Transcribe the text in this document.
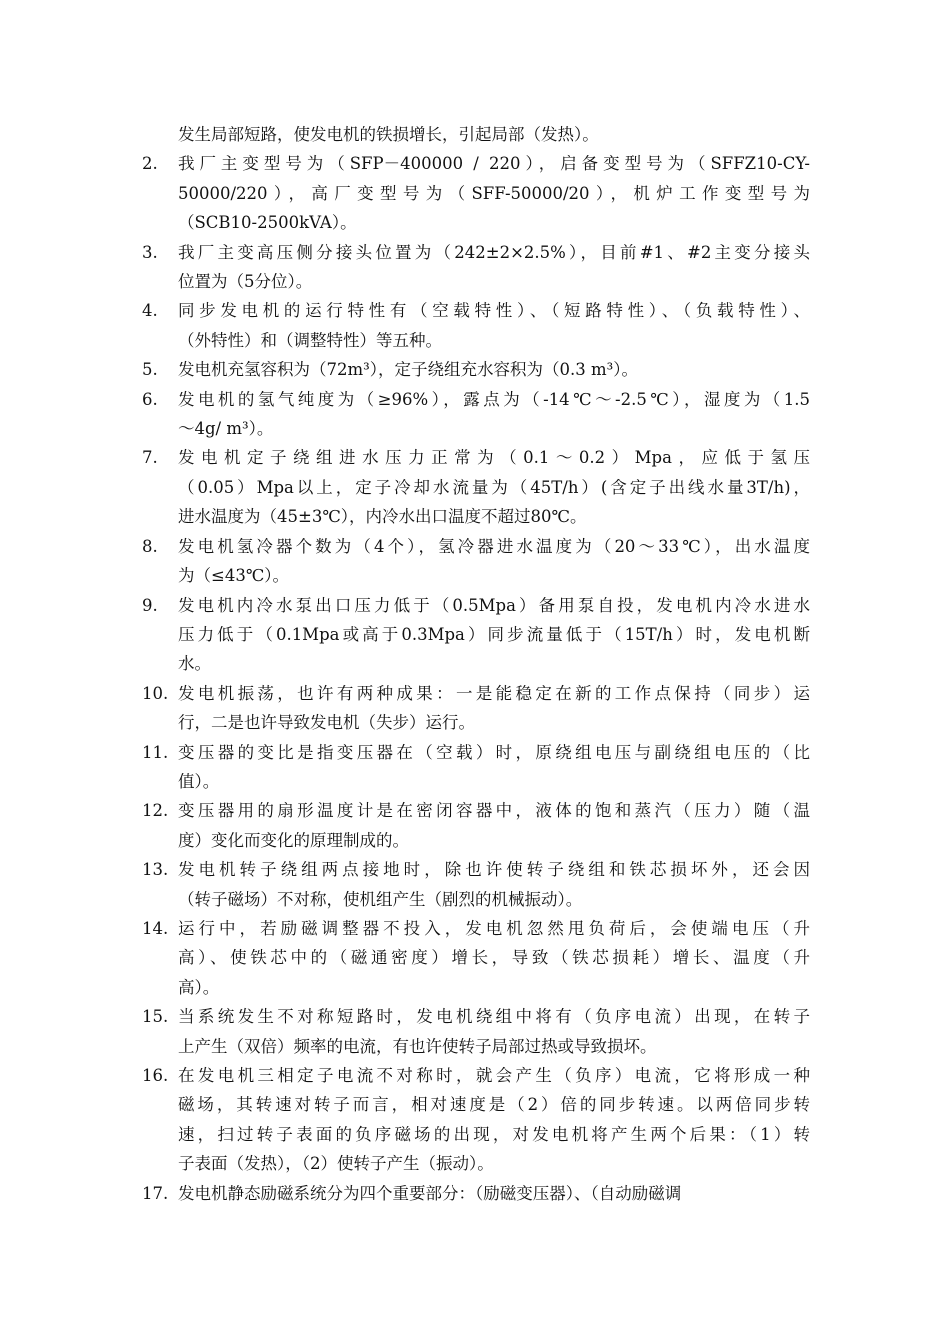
发生局部短路，使发电机的铁损增长，引起局部（发热）。
2.	我厂主变型号为（SFP－400000 / 220），启备变型号为（SFFZ10-CY-
50000/220），高厂变型号为（SFF-50000/20），机炉工作变型号为
（SCB10-2500kVA）。
3.	我厂主变高压侧分接头位置为（242±2×2.5%），目前#1、#2主变分接头
位置为（5分位）。
4.	同步发电机的运行特性有（空载特性）、（短路特性）、（负载特性）、
（外特性）和（调整特性）等五种。
5.	发电机充氢容积为（72m³），定子绕组充水容积为（0.3 m³）。
6.	发电机的氢气纯度为（≥96%），露点为（-14℃～-2.5℃），湿度为（1.5
～4g/ m³）。
7.	发电机定子绕组进水压力正常为（0.1～0.2）Mpa，应低于氢压
（0.05）Mpa以上，定子冷却水流量为（45T/h）(含定子出线水量3T/h)，
进水温度为（45±3℃），内冷水出口温度不超过80℃。
8.	发电机氢冷器个数为（4个），氢冷器进水温度为（20～33℃），出水温度
为（≤43℃）。
9.	发电机内冷水泵出口压力低于（0.5Mpa）备用泵自投，发电机内冷水进水
压力低于（0.1Mpa或高于0.3Mpa）同步流量低于（15T/h）时，发电机断
水。
10. 发电机振荡，也许有两种成果：一是能稳定在新的工作点保持（同步）运
行，二是也许导致发电机（失步）运行。
11. 变压器的变比是指变压器在（空载）时，原绕组电压与副绕组电压的（比
值）。
12. 变压器用的扇形温度计是在密闭容器中，液体的饱和蒸汽（压力）随（温
度）变化而变化的原理制成的。
13. 发电机转子绕组两点接地时，除也许使转子绕组和铁芯损坏外，还会因
（转子磁场）不对称，使机组产生（剧烈的机械振动）。
14. 运行中，若励磁调整器不投入，发电机忽然甩负荷后，会使端电压（升
高）、使铁芯中的（磁通密度）增长，导致（铁芯损耗）增长、温度（升
高）。
15. 当系统发生不对称短路时，发电机绕组中将有（负序电流）出现，在转子
上产生（双倍）频率的电流，有也许使转子局部过热或导致损坏。
16. 在发电机三相定子电流不对称时，就会产生（负序）电流，它将形成一种
磁场，其转速对转子而言，相对速度是（2）倍的同步转速。以两倍同步转
速，扫过转子表面的负序磁场的出现，对发电机将产生两个后果：（1）转
子表面（发热），（2）使转子产生（振动）。
17. 发电机静态励磁系统分为四个重要部分：（励磁变压器）、（自动励磁调
